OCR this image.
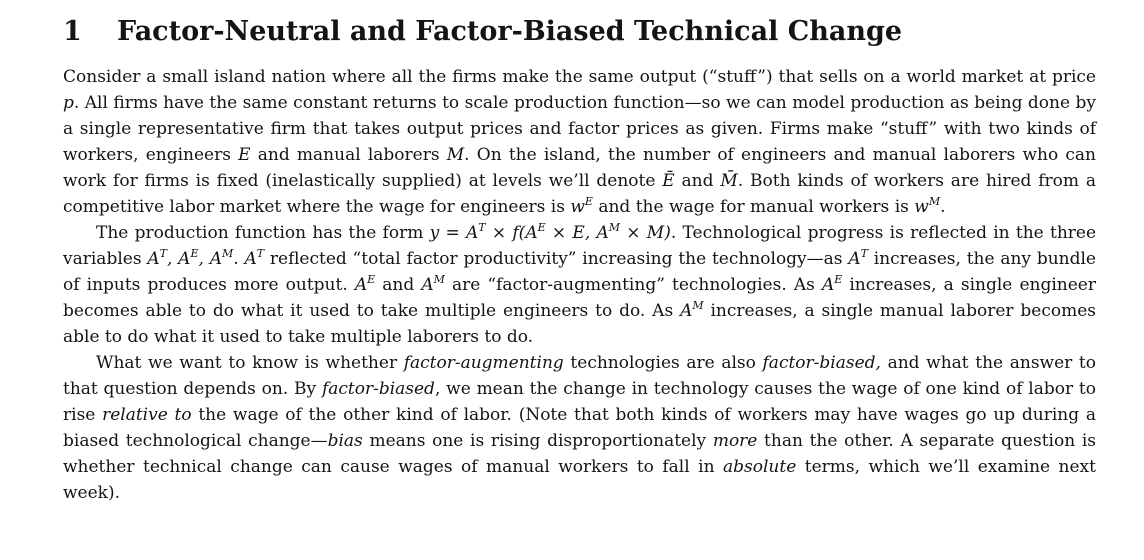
1	Factor-Neutral and Factor-Biased Technical Change

Consider a small island nation where all the firms make the same output (“stuff”) that sells on a world market at price p. All firms have the same constant returns to scale production function—so we can model production as being done by a single representative firm that takes output prices and factor prices as given. Firms make “stuff” with two kinds of workers, engineers E and manual laborers M. On the island, the number of engineers and manual laborers who can work for firms is fixed (inelastically supplied) at levels we’ll denote Ē and M̄. Both kinds of workers are hired from a competitive labor market where the wage for engineers is $w^E$ and the wage for manual workers is $w^M$.

The production function has the form $y = A^T \times f(A^E \times E$, $A^M \times M$). Technological progress is reflected in the three variables $A^T$, $A^E$, $A^M$. $A^T$ reflected “total factor productivity” increasing the technology—as $A^T$ increases, the any bundle of inputs produces more output. $A^E$ and $A^M$ are “factor-augmenting” technologies. As $A^E$ increases, a single engineer becomes able to do what it used to take multiple engineers to do. As $A^M$ increases, a single manual laborer becomes able to do what it used to take multiple laborers to do.

What we want to know is whether factor-augmenting technologies are also factor-biased, and what the answer to that question depends on. By factor-biased, we mean the change in technology causes the wage of one kind of labor to rise relative to the wage of the other kind of labor. (Note that both kinds of workers may have wages go up during a biased technological change—bias means one is rising disproportionately more than the other. A separate question is whether technical change can cause wages of manual workers to fall in absolute terms, which we’ll examine next week).
